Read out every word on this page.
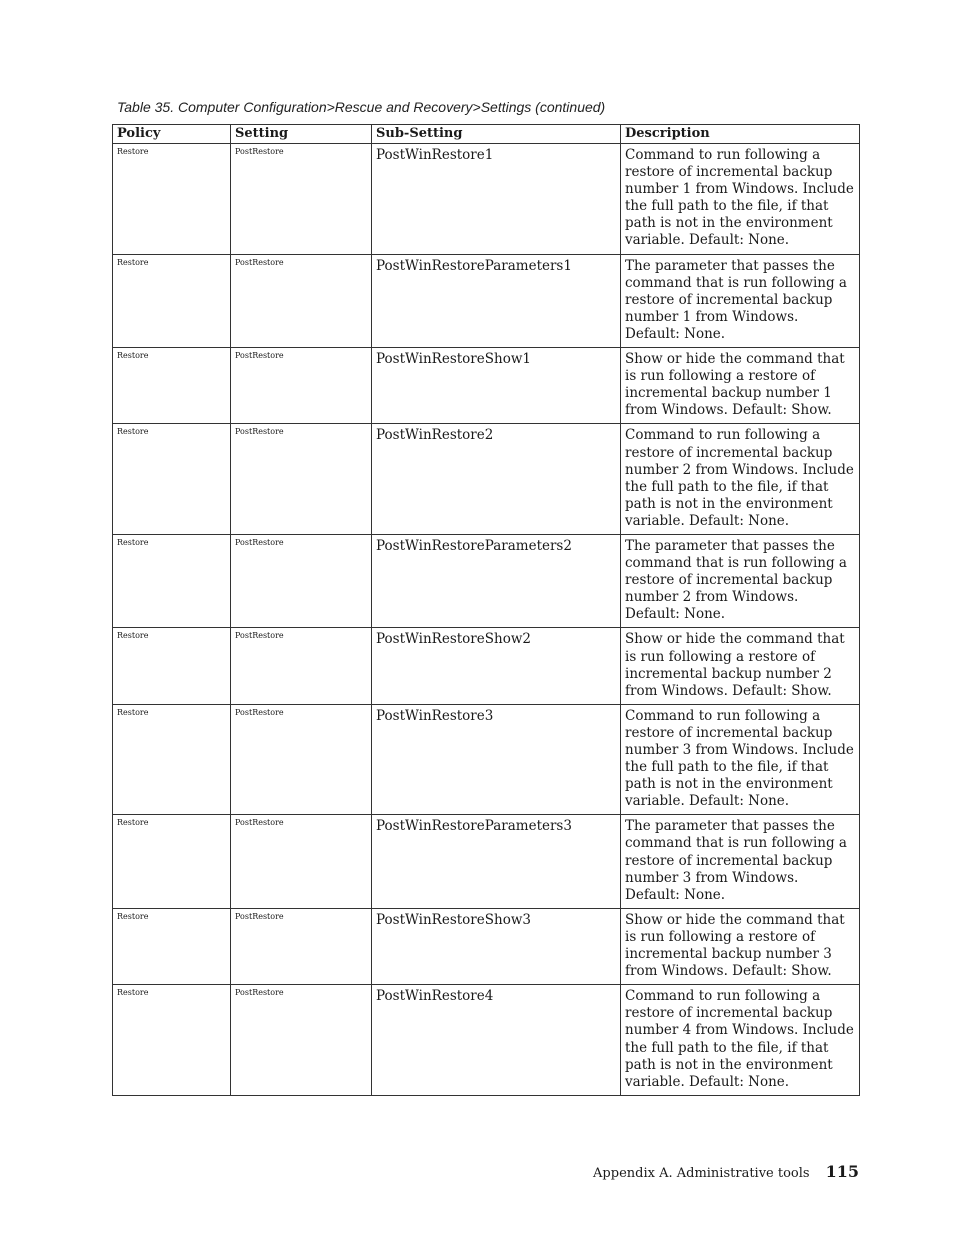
Table 35. Computer Configuration>Rescue and Recovery>Settings (continued)
Policy	Setting	Sub-Setting	Description
Restore	PostRestore	PostWinRestore1	Command to run following a restore of incremental backup number 1 from Windows. Include the full path to the file, if that path is not in the environment variable. Default: None.
Restore	PostRestore	PostWinRestoreParameters1	The parameter that passes the command that is run following a restore of incremental backup number 1 from Windows. Default: None.
Restore	PostRestore	PostWinRestoreShow1	Show or hide the command that is run following a restore of incremental backup number 1 from Windows. Default: Show.
Restore	PostRestore	PostWinRestore2	Command to run following a restore of incremental backup number 2 from Windows. Include the full path to the file, if that path is not in the environment variable. Default: None.
Restore	PostRestore	PostWinRestoreParameters2	The parameter that passes the command that is run following a restore of incremental backup number 2 from Windows. Default: None.
Restore	PostRestore	PostWinRestoreShow2	Show or hide the command that is run following a restore of incremental backup number 2 from Windows. Default: Show.
Restore	PostRestore	PostWinRestore3	Command to run following a restore of incremental backup number 3 from Windows. Include the full path to the file, if that path is not in the environment variable. Default: None.
Restore	PostRestore	PostWinRestoreParameters3	The parameter that passes the command that is run following a restore of incremental backup number 3 from Windows. Default: None.
Restore	PostRestore	PostWinRestoreShow3	Show or hide the command that is run following a restore of incremental backup number 3 from Windows. Default: Show.
Restore	PostRestore	PostWinRestore4	Command to run following a restore of incremental backup number 4 from Windows. Include the full path to the file, if that path is not in the environment variable. Default: None.
Appendix A. Administrative tools 115
